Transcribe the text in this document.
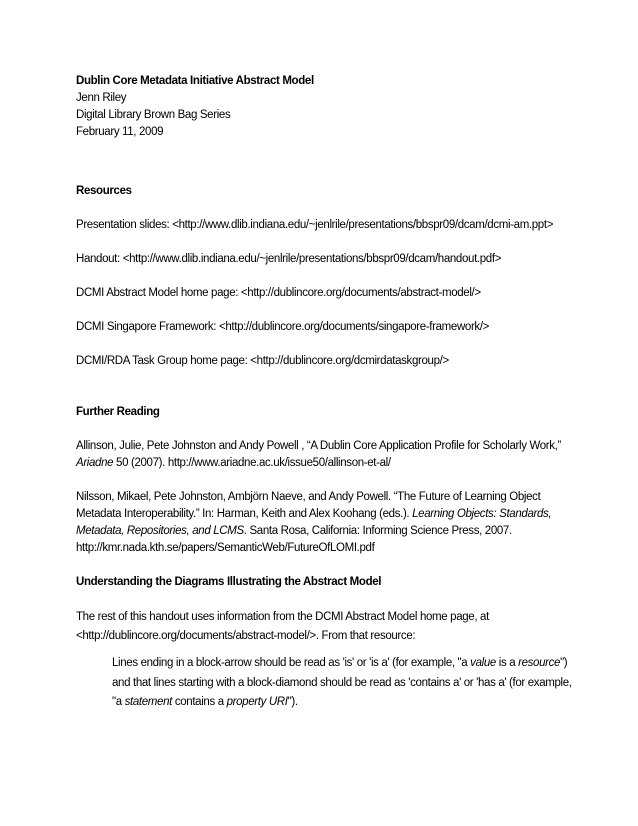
Dublin Core Metadata Initiative Abstract Model

Jenn Riley

Digital Library Brown Bag Series

February 11, 2009

Resources

Presentation slides: <http://www.dlib.indiana.edu/~jenlrile/presentations/bbspr09/dcam/dcmi-am.ppt>

Handout: <http://www.dlib.indiana.edu/~jenlrile/presentations/bbspr09/dcam/handout.pdf>

DCMI Abstract Model home page: <http://dublincore.org/documents/abstract-model/>

DCMI Singapore Framework: <http://dublincore.org/documents/singapore-framework/>

DCMI/RDA Task Group home page: <http://dublincore.org/dcmirdataskgroup/>

Further Reading

Allinson, Julie, Pete Johnston and Andy Powell , “A Dublin Core Application Profile for Scholarly Work,”
Ariadne 50 (2007). http://www.ariadne.ac.uk/issue50/allinson-et-al/

Nilsson, Mikael, Pete Johnston, Ambjörn Naeve, and Andy Powell. “The Future of Learning Object Metadata Interoperability.” In: Harman, Keith and Alex Koohang (eds.). Learning Objects: Standards, Metadata, Repositories, and LCMS. Santa Rosa, California: Informing Science Press, 2007. http://kmr.nada.kth.se/papers/SemanticWeb/FutureOfLOMI.pdf

Understanding the Diagrams Illustrating the Abstract Model

The rest of this handout uses information from the DCMI Abstract Model home page, at <http://dublincore.org/documents/abstract-model/>. From that resource:

Lines ending in a block-arrow should be read as 'is' or 'is a' (for example, "a value is a resource") and that lines starting with a block-diamond should be read as 'contains a' or 'has a' (for example, "a statement contains a property URI").
